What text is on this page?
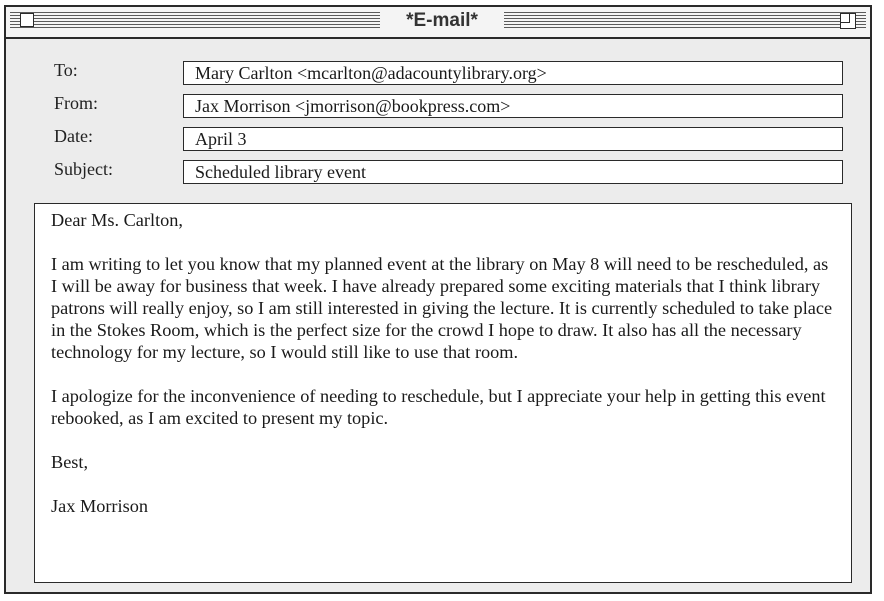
*E-mail*
To:	Mary Carlton <mcarlton@adacountylibrary.org>
From:	Jax Morrison <jmorrison@bookpress.com>
Date:	April 3
Subject:	Scheduled library event

Dear Ms. Carlton,

I am writing to let you know that my planned event at the library on May 8 will need to be rescheduled, as I will be away for business that week. I have already prepared some exciting materials that I think library patrons will really enjoy, so I am still interested in giving the lecture. It is currently scheduled to take place in the Stokes Room, which is the perfect size for the crowd I hope to draw. It also has all the necessary technology for my lecture, so I would still like to use that room.

I apologize for the inconvenience of needing to reschedule, but I appreciate your help in getting this event rebooked, as I am excited to present my topic.

Best,

Jax Morrison
